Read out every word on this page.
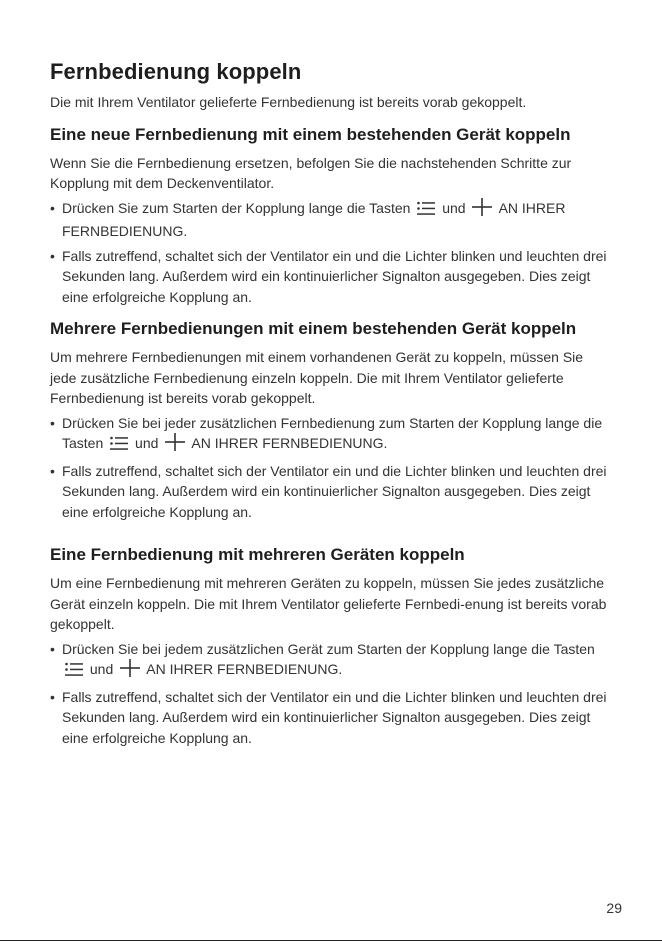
Fernbedienung koppeln

Die mit Ihrem Ventilator gelieferte Fernbedienung ist bereits vorab gekoppelt.

Eine neue Fernbedienung mit einem bestehenden Gerät koppeln

Wenn Sie die Fernbedienung ersetzen, befolgen Sie die nachstehenden Schritte zur Kopplung mit dem Deckenventilator.

• Drücken Sie zum Starten der Kopplung lange die Tasten und AN IHRER FERNBEDIENUNG.
• Falls zutreffend, schaltet sich der Ventilator ein und die Lichter blinken und leuchten drei Sekunden lang. Außerdem wird ein kontinuierlicher Signalton ausgegeben. Dies zeigt eine erfolgreiche Kopplung an.
Mehrere Fernbedienungen mit einem bestehenden Gerät koppeln

Um mehrere Fernbedienungen mit einem vorhandenen Gerät zu koppeln, müssen Sie jede zusätzliche Fernbedienung einzeln koppeln. Die mit Ihrem Ventilator gelieferte Fernbedienung ist bereits vorab gekoppelt.

• Drücken Sie bei jeder zusätzlichen Fernbedienung zum Starten der Kopplung lange die Tasten und AN IHRER FERNBEDIENUNG.
• Falls zutreffend, schaltet sich der Ventilator ein und die Lichter blinken und leuchten drei Sekunden lang. Außerdem wird ein kontinuierlicher Signalton ausgegeben. Dies zeigt eine erfolgreiche Kopplung an.
Eine Fernbedienung mit mehreren Geräten koppeln

Um eine Fernbedienung mit mehreren Geräten zu koppeln, müssen Sie jedes zusätzliche Gerät einzeln koppeln. Die mit Ihrem Ventilator gelieferte Fernbedi-enung ist bereits vorab gekoppelt.

• Drücken Sie bei jedem zusätzlichen Gerät zum Starten der Kopplung lange die Tasten  und AN IHRER FERNBEDIENUNG.
• Falls zutreffend, schaltet sich der Ventilator ein und die Lichter blinken und leuchten drei Sekunden lang. Außerdem wird ein kontinuierlicher Signalton ausgegeben. Dies zeigt eine erfolgreiche Kopplung an.
29
